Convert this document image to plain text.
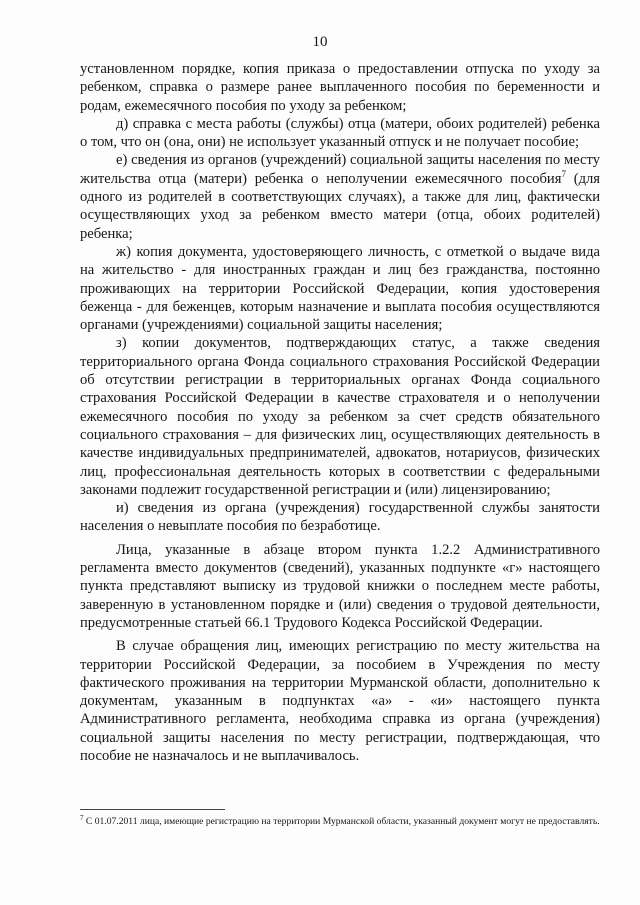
10

установленном порядке, копия приказа о предоставлении отпуска по уходу за ребенком, справка о размере ранее выплаченного пособия по беременности и родам, ежемесячного пособия по уходу за ребенком;

д) справка с места работы (службы) отца (матери, обоих родителей) ребенка о том, что он (она, они) не использует указанный отпуск и не получает пособие;

е) сведения из органов (учреждений) социальной защиты населения по месту жительства отца (матери) ребенка о неполучении ежемесячного пособия$^7$ (для одного из родителей в соответствующих случаях), а также для лиц, фактически осуществляющих уход за ребенком вместо матери (отца, обоих родителей) ребенка;

ж) копия документа, удостоверяющего личность, с отметкой о выдаче вида на жительство - для иностранных граждан и лиц без гражданства, постоянно проживающих на территории Российской Федерации, копия удостоверения беженца - для беженцев, которым назначение и выплата пособия осуществляются органами (учреждениями) социальной защиты населения;

з) копии документов, подтверждающих статус, а также сведения территориального органа Фонда социального страхования Российской Федерации об отсутствии регистрации в территориальных органах Фонда социального страхования Российской Федерации в качестве страхователя и о неполучении ежемесячного пособия по уходу за ребенком за счет средств обязательного социального страхования – для физических лиц, осуществляющих деятельность в качестве индивидуальных предпринимателей, адвокатов, нотариусов, физических лиц, профессиональная деятельность которых в соответствии с федеральными законами подлежит государственной регистрации и (или) лицензированию;

и) сведения из органа (учреждения) государственной службы занятости населения о невыплате пособия по безработице.

Лица, указанные в абзаце втором пункта 1.2.2 Административного регламента вместо документов (сведений), указанных подпункте «г» настоящего пункта представляют выписку из трудовой книжки о последнем месте работы, заверенную в установленном порядке и (или) сведения о трудовой деятельности, предусмотренные статьей 66.1 Трудового Кодекса Российской Федерации.

В случае обращения лиц, имеющих регистрацию по месту жительства на территории Российской Федерации, за пособием в Учреждения по месту фактического проживания на территории Мурманской области, дополнительно к документам, указанным в подпунктах «а» - «и» настоящего пункта Административного регламента, необходима справка из органа (учреждения) социальной защиты населения по месту регистрации, подтверждающая, что пособие не назначалось и не выплачивалось.

$^7$ С 01.07.2011 лица, имеющие регистрацию на территории Мурманской области, указанный документ могут не предоставлять.
